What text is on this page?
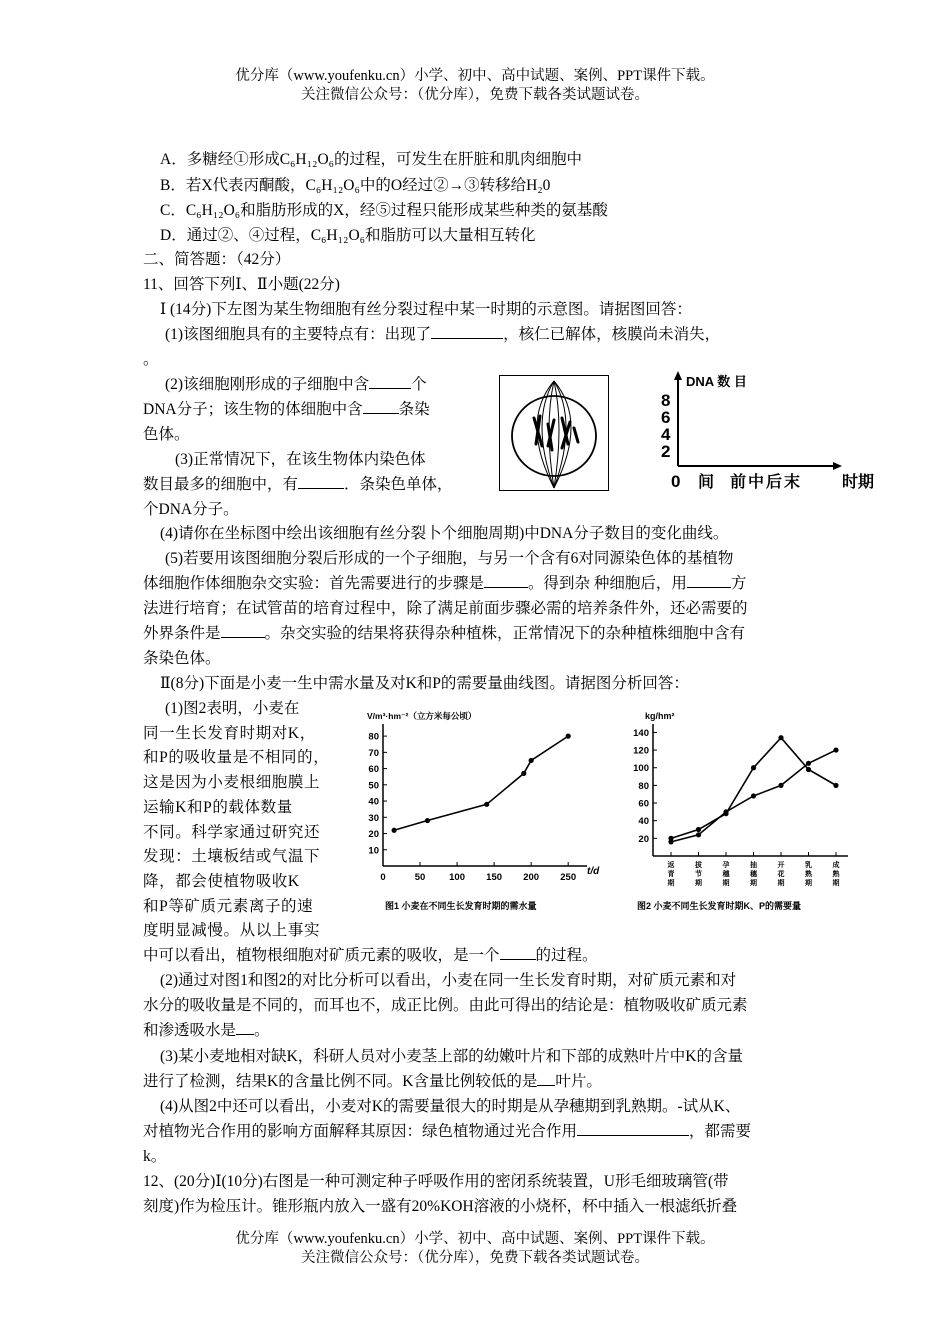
优分库（www.youfenku.cn）小学、初中、高中试题、案例、PPT课件下载。
关注微信公众号：（优分库），免费下载各类试题试卷。
A．多糖经①形成C₆H₁₂O₆的过程，可发生在肝脏和肌肉细胞中
B．若X代表丙酮酸，C₆H₁₂O₆中的O经过②→③转移给H₂0
C．C₆H₁₂O₆和脂肪形成的X，经⑤过程只能形成某些种类的氨基酸
D．通过②、④过程，C₆H₁₂O₆和脂肪可以大量相互转化
二、简答题：（42分）
11、回答下列Ⅰ、Ⅱ小题(22分)
Ⅰ (14分)下左图为某生物细胞有丝分裂过程中某一时期的示意图。请据图回答：
(1)该图细胞具有的主要特点有：出现了	，核仁已解体，核膜尚未消失，
。
(2)该细胞刚形成的子细胞中含	个
DNA分子；该生物的体细胞中含 条染
色体。
(3)正常情况下，在该生物体内染色体
数目最多的细胞中，有	．条染色单体，
个DNA分子。
DNA 数 目
8
6
4
2
0 间 前 中 后 末	时期
(4)请你在坐标图中绘出该细胞有丝分裂卜个细胞周期)中DNA分子数目的变化曲线。
(5)若要用该图细胞分裂后形成的一个子细胞，与另一个含有6对同源染色体的基植物
体细胞作体细胞杂交实验：首先需要进行的步骤是	。得到杂 种细胞后，用	方
法进行培育；在试管苗的培育过程中，除了满足前面步骤必需的培养条件外，还必需要的
外界条件是	。杂交实验的结果将获得杂种植株，正常情况下的杂种植株细胞中含有
条染色体。
Ⅱ(8分)下面是小麦一生中需水量及对K和P的需要量曲线图。请据图分析回答：
(1)图2表明，小麦在
同一生长发育时期对K，
和P的吸收量是不相同的，
这是因为小麦根细胞膜上
运输K和P的载体数量
不同。科学家通过研究还
发现：土壤板结或气温下
降，都会使植物吸收K
和P等矿质元素离子的速
度明显减慢。从以上事实
V/m³·hm⁻²（立方米每公顷）
t/d
图1 小麦在不同生长发育时期的需水量
10
20
30
40
50
60
70
80
0	50	100 150 200 250
kg/hm²
图2 小麦不同生长发育时期K、P的需要量
20
40
60
80
100
120
140
返
青
期
拔
节
期
孕
穗
期
抽
穗
期
开
花
期
乳
熟
期
成
熟
期
中可以看出，植物根细胞对矿质元素的吸收，是一个 的过程。
(2)通过对图1和图2的对比分析可以看出，小麦在同一生长发育时期，对矿质元素和对
水分的吸收量是不同的，而耳也不，成正比例。由此可得出的结论是：植物吸收矿质元素
和渗透吸水是 。
(3)某小麦地相对缺K，科研人员对小麦茎上部的幼嫩叶片和下部的成熟叶片中K的含量
进行了检测，结果K的含量比例不同。K含量比例较低的是 叶片。
(4)从图2中还可以看出，小麦对K的需要量很大的时期是从孕穗期到乳熟期。-试从K、
对植物光合作用的影响方面解释其原因：绿色植物通过光合作用	，都需要
k。
12、(20分)Ⅰ(10分)右图是一种可测定种子呼吸作用的密闭系统装置，U形毛细玻璃管(带
刻度)作为检压计。锥形瓶内放入一盛有20%KOH溶液的小烧杯，杯中插入一根滤纸折叠
优分库（www.youfenku.cn）小学、初中、高中试题、案例、PPT课件下载。
关注微信公众号：（优分库），免费下载各类试题试卷。
